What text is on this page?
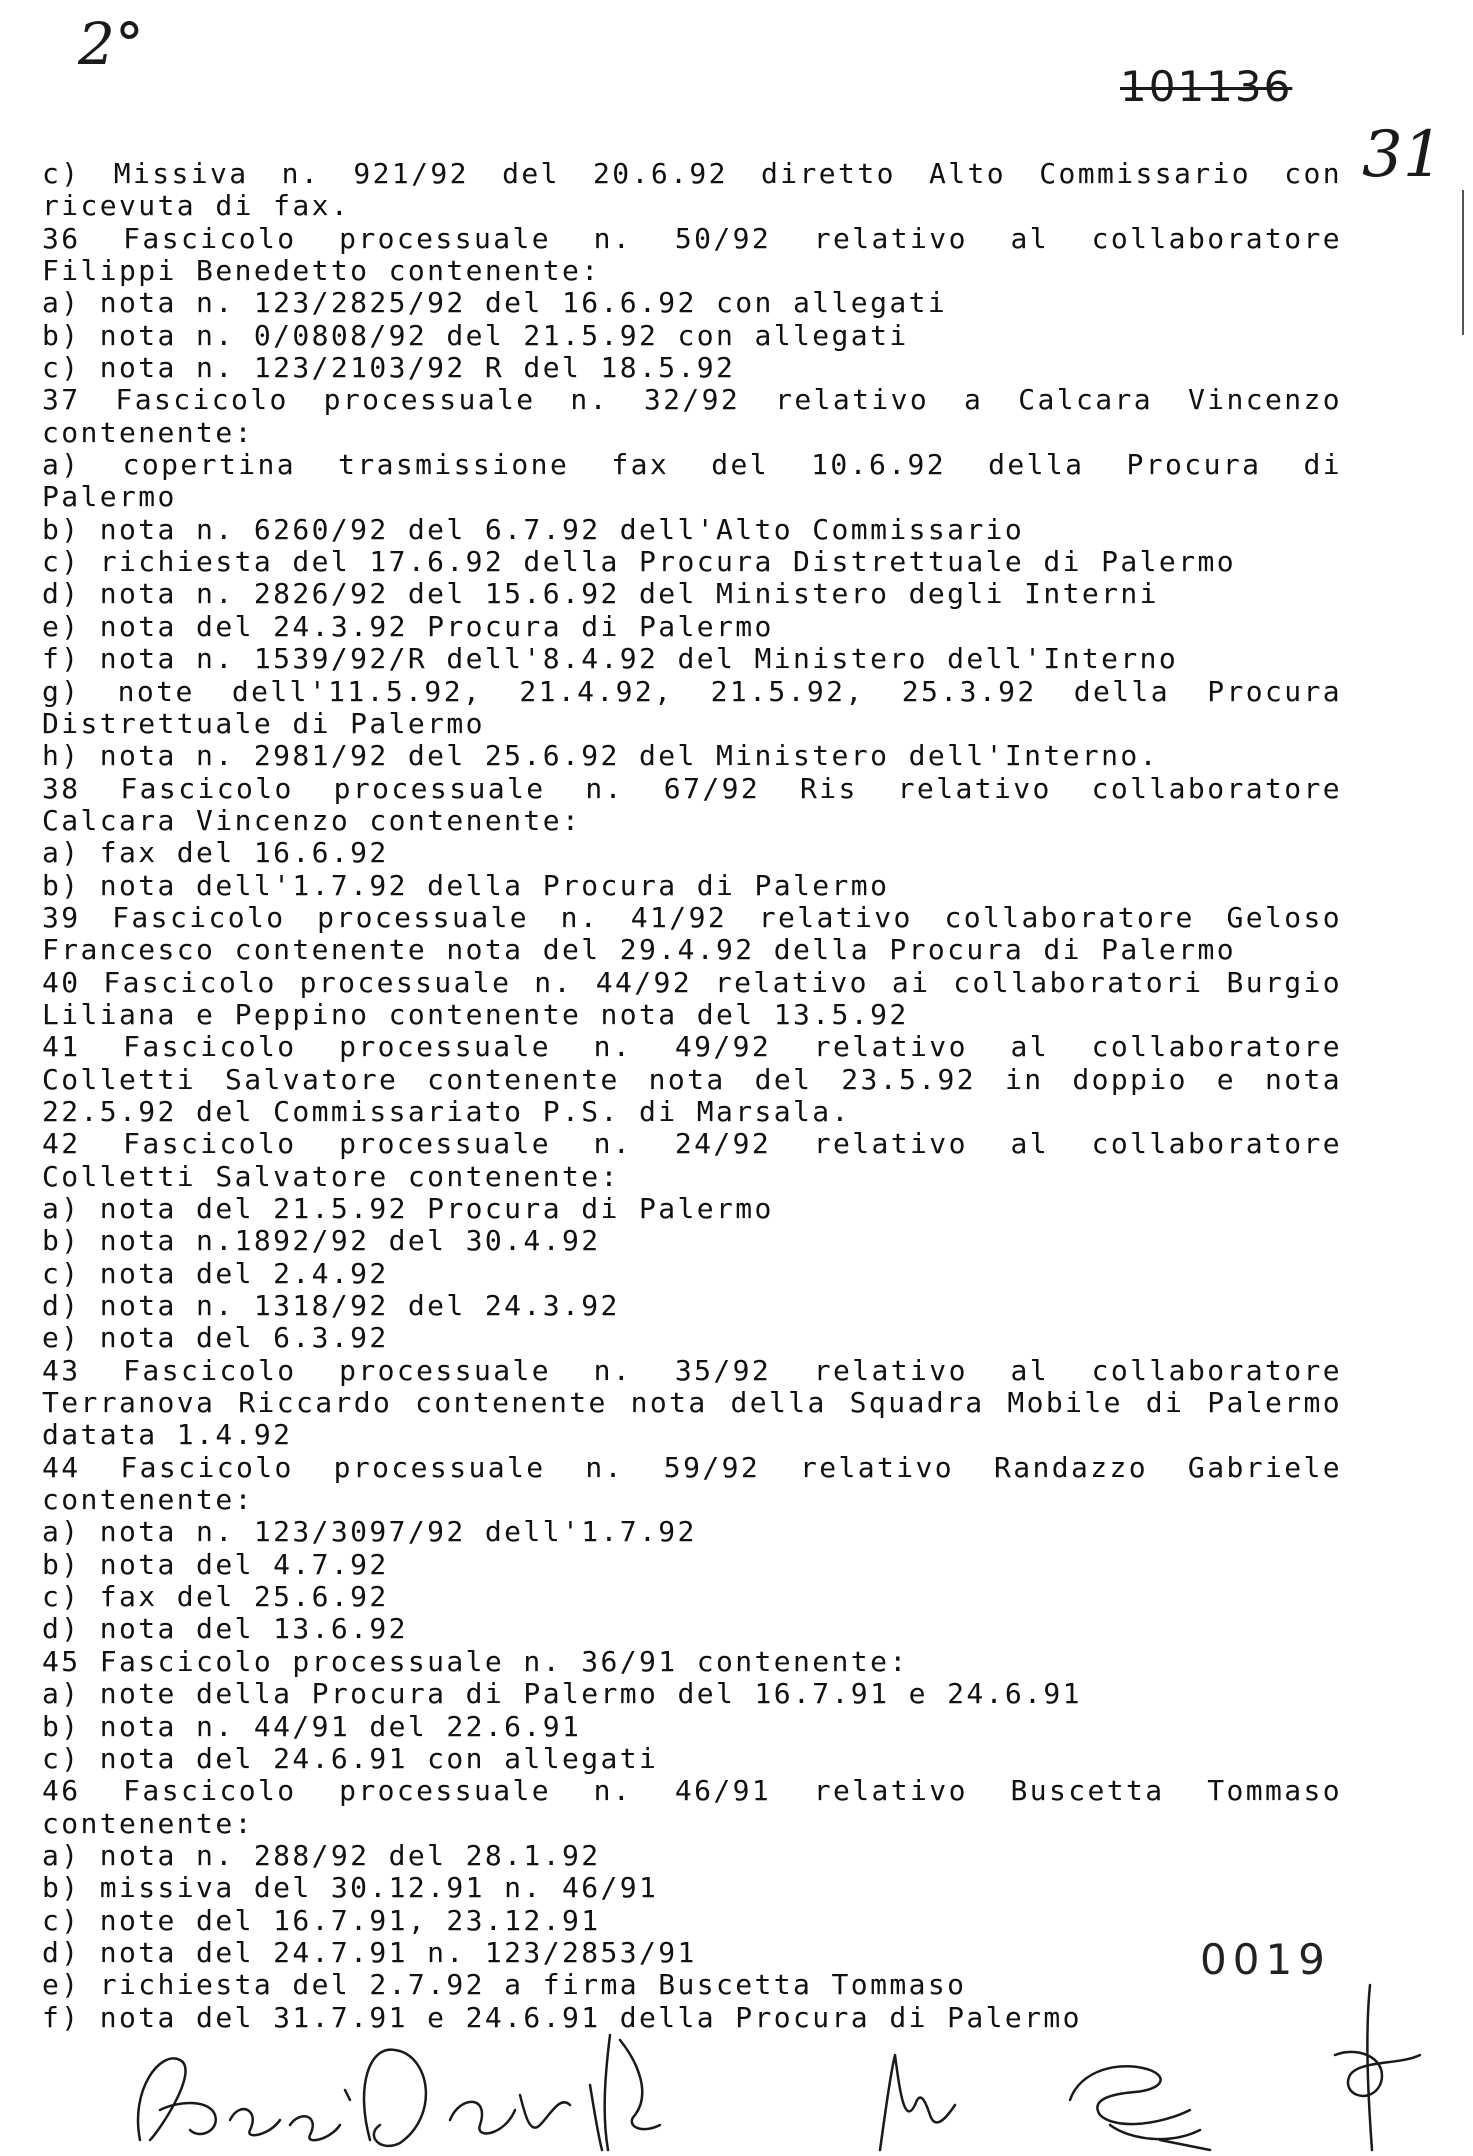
2°
101136
31
c) Missiva n. 921/92 del 20.6.92 diretto Alto Commissario con
ricevuta di fax.
36 Fascicolo processuale n. 50/92 relativo al collaboratore
Filippi Benedetto contenente:
a) nota n. 123/2825/92 del 16.6.92 con allegati
b) nota n. 0/0808/92 del 21.5.92 con allegati
c) nota n. 123/2103/92 R del 18.5.92
37 Fascicolo processuale n. 32/92 relativo a Calcara Vincenzo
contenente:
a) copertina trasmissione fax del 10.6.92 della Procura di
Palermo
b) nota n. 6260/92 del 6.7.92 dell'Alto Commissario
c) richiesta del 17.6.92 della Procura Distrettuale di Palermo
d) nota n. 2826/92 del 15.6.92 del Ministero degli Interni
e) nota del 24.3.92 Procura di Palermo
f) nota n. 1539/92/R dell'8.4.92 del Ministero dell'Interno
g) note dell'11.5.92, 21.4.92, 21.5.92, 25.3.92 della Procura
Distrettuale di Palermo
h) nota n. 2981/92 del 25.6.92 del Ministero dell'Interno.
38 Fascicolo processuale n. 67/92 Ris relativo collaboratore
Calcara Vincenzo contenente:
a) fax del 16.6.92
b) nota dell'1.7.92 della Procura di Palermo
39 Fascicolo processuale n. 41/92 relativo collaboratore Geloso
Francesco contenente nota del 29.4.92 della Procura di Palermo
40 Fascicolo processuale n. 44/92 relativo ai collaboratori Burgio
Liliana e Peppino contenente nota del 13.5.92
41 Fascicolo processuale n. 49/92 relativo al collaboratore
Colletti Salvatore contenente nota del 23.5.92 in doppio e nota
22.5.92 del Commissariato P.S. di Marsala.
42 Fascicolo processuale n. 24/92 relativo al collaboratore
Colletti Salvatore contenente:
a) nota del 21.5.92 Procura di Palermo
b) nota n.1892/92 del 30.4.92
c) nota del 2.4.92
d) nota n. 1318/92 del 24.3.92
e) nota del 6.3.92
43 Fascicolo processuale n. 35/92 relativo al collaboratore
Terranova Riccardo contenente nota della Squadra Mobile di Palermo
datata 1.4.92
44 Fascicolo processuale n. 59/92 relativo Randazzo Gabriele
contenente:
a) nota n. 123/3097/92 dell'1.7.92
b) nota del 4.7.92
c) fax del 25.6.92
d) nota del 13.6.92
45 Fascicolo processuale n. 36/91 contenente:
a) note della Procura di Palermo del 16.7.91 e 24.6.91
b) nota n. 44/91 del 22.6.91
c) nota del 24.6.91 con allegati
46 Fascicolo processuale n. 46/91 relativo Buscetta Tommaso
contenente:
a) nota n. 288/92 del 28.1.92
b) missiva del 30.12.91 n. 46/91
c) note del 16.7.91, 23.12.91
d) nota del 24.7.91 n. 123/2853/91
e) richiesta del 2.7.92 a firma Buscetta Tommaso
f) nota del 31.7.91 e 24.6.91 della Procura di Palermo
0019
